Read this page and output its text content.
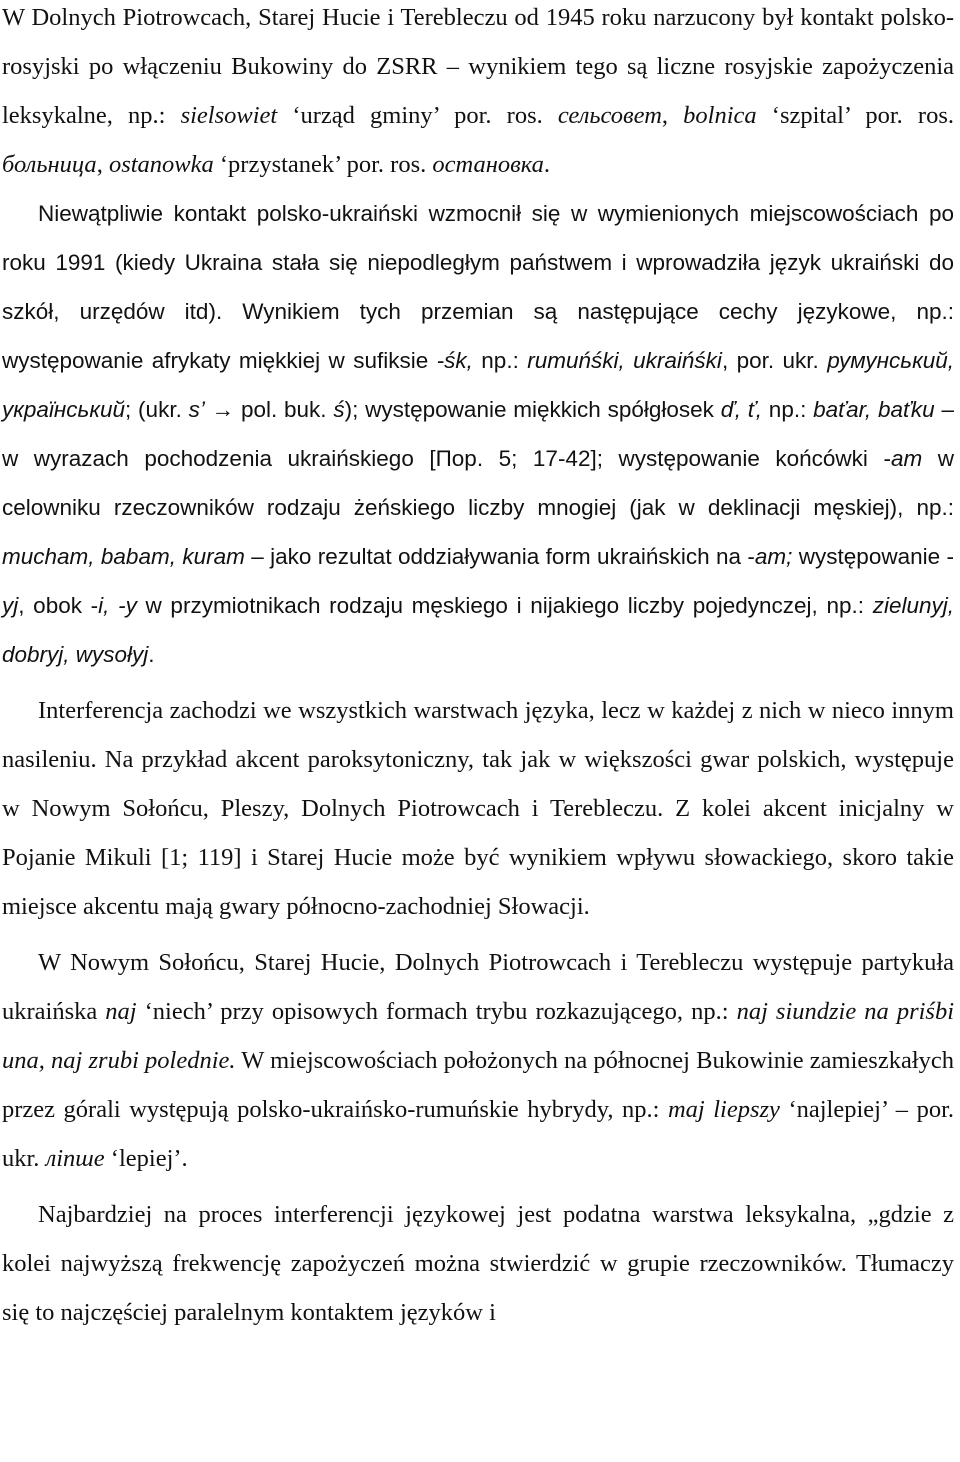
W Dolnych Piotrowcach, Starej Hucie i Terebleczu od 1945 roku narzucony był kontakt polsko-rosyjski po włączeniu Bukowiny do ZSRR – wynikiem tego są liczne rosyjskie zapożyczenia leksykalne, np.: sielsowiet ‘urząd gminy’ por. ros. сельсовет, bolnica ‘szpital’ por. ros. больница, ostanowka ‘przystanek’ por. ros. остановка.

Niewątpliwie kontakt polsko-ukraiński wzmocnił się w wymienionych miejscowościach po roku 1991 (kiedy Ukraina stała się niepodległym państwem i wprowadziła język ukraiński do szkół, urzędów itd). Wynikiem tych przemian są następujące cechy językowe, np.: występowanie afrykaty miękkiej w sufiksie -śk, np.: rumuńśki, ukraińśki, por. ukr. румунський, український; (ukr. s’ → pol. buk. ś); występowanie miękkich spółgłosek ď, ť, np.: baťar, baťku – w wyrazach pochodzenia ukraińskiego [Пор. 5; 17-42]; występowanie końcówki -am w celowniku rzeczowników rodzaju żeńskiego liczby mnogiej (jak w deklinacji męskiej), np.: mucham, babam, kuram – jako rezultat oddziaływania form ukraińskich na -am; występowanie -yj, obok -i, -y w przymiotnikach rodzaju męskiego i nijakiego liczby pojedynczej, np.: zielunyj, dobryj, wysołyj.

Interferencja zachodzi we wszystkich warstwach języka, lecz w każdej z nich w nieco innym nasileniu. Na przykład akcent paroksytoniczny, tak jak w większości gwar polskich, występuje w Nowym Sołońcu, Pleszy, Dolnych Piotrowcach i Terebleczu. Z kolei akcent inicjalny w Pojanie Mikuli [1; 119] i Starej Hucie może być wynikiem wpływu słowackiego, skoro takie miejsce akcentu mają gwary północno-zachodniej Słowacji.

W Nowym Sołońcu, Starej Hucie, Dolnych Piotrowcach i Terebleczu występuje partykuła ukraińska naj ‘niech’ przy opisowych formach trybu rozkazującego, np.: naj siundzie na priśbi una, naj zrubi polednie. W miejscowościach położonych na północnej Bukowinie zamieszkałych przez górali występują polsko-ukraińsko-rumuńskie hybrydy, np.: maj liepszy ‘najlepiej’ – por. ukr. лiпше ‘lepiej’.

Najbardziej na proces interferencji językowej jest podatna warstwa leksykalna, „gdzie z kolei najwyższą frekwencję zapożyczeń można stwierdzić w grupie rzeczowników. Tłumaczy się to najczęściej paralelnym kontaktem języków i
